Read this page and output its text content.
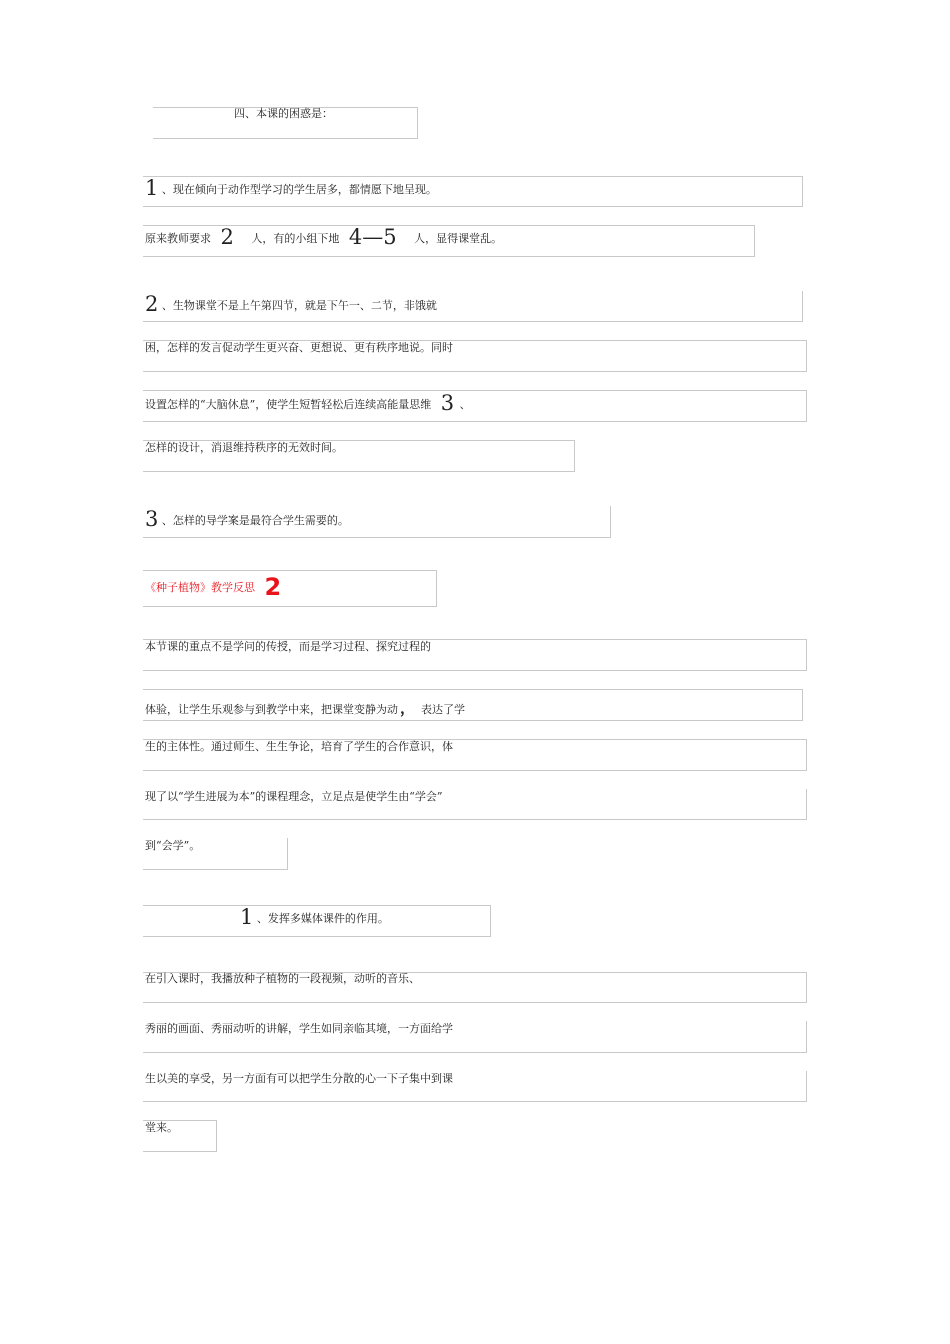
四、本课的困惑是：
1 、现在倾向于动作型学习的学生居多，都情愿下地呈现。
原来教师要求 2 人，有的小组下地 4—5 人，显得课堂乱。
2 、生物课堂不是上午第四节，就是下午一、二节，非饿就
困，怎样的发言促动学生更兴奋、更想说、更有秩序地说。同时
设置怎样的“大脑休息”，使学生短暂轻松后连续高能量思维 3 、
怎样的设计，消退维持秩序的无效时间。
3 、怎样的导学案是最符合学生需要的。
《种子植物》教学反思 2
本节课的重点不是学问的传授，而是学习过程、探究过程的
体验，让学生乐观参与到教学中来，把课堂变静为动 ， 表达了学
生的主体性。通过师生、生生争论，培育了学生的合作意识，体
现了以“学生进展为本”的课程理念，立足点是使学生由“学会”
到“会学”。
1 、发挥多媒体课件的作用。
在引入课时，我播放种子植物的一段视频，动听的音乐、
秀丽的画面、秀丽动听的讲解，学生如同亲临其境，一方面给学
生以美的享受，另一方面有可以把学生分散的心一下子集中到课
堂来。
